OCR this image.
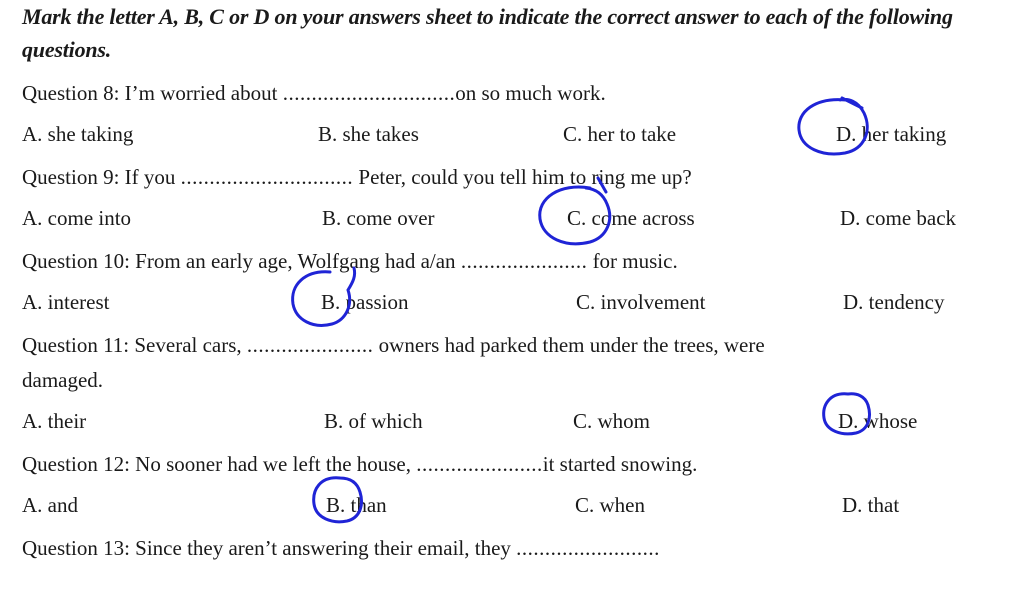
Mark the letter A, B, C or D on your answers sheet to indicate the correct answer to each of the following questions.
Question 8: I’m worried about ..............................on so much work.
A. she taking	B. she takes	C. her to take	D. her taking
Question 9: If you .............................. Peter, could you tell him to ring me up?
A. come into	B. come over	C. come across	D. come back
Question 10: From an early age, Wolfgang had a/an ...................... for music.
A. interest	B. passion	C. involvement	D. tendency
Question 11: Several cars, ...................... owners had parked them under the trees, were
damaged.
A. their	B. of which	C. whom	D. whose
Question 12: No sooner had we left the house, ......................it started snowing.
A. and	B. than	C. when	D. that
Question 13: Since they aren’t answering their email, they .........................
